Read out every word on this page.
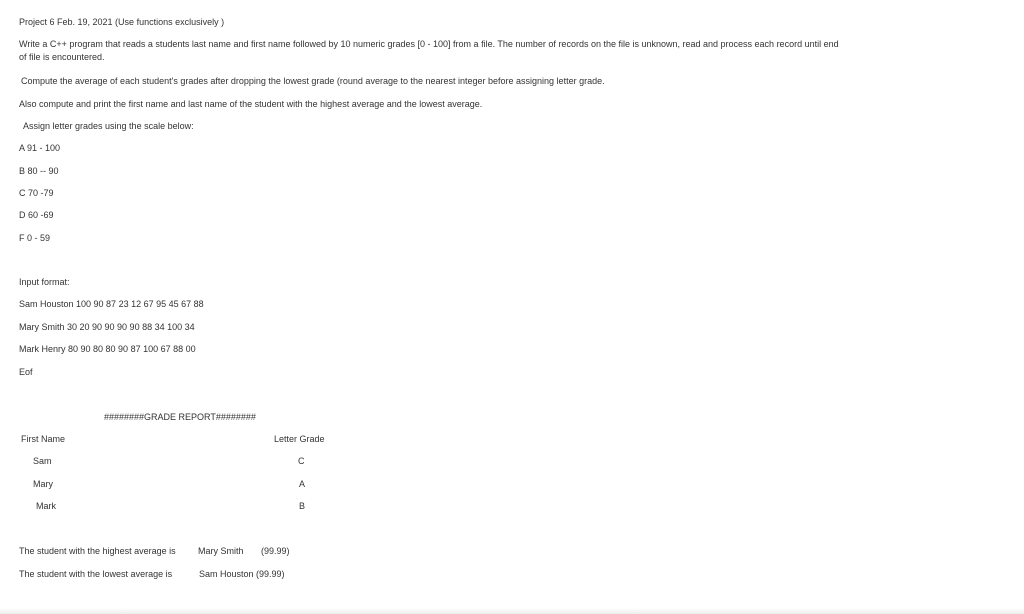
Project 6 Feb. 19, 2021 (Use functions exclusively )
Write a C++ program that reads a students last name and first name followed by 10 numeric grades [0 - 100] from a file. The number of records on the file is unknown, read and process each record until end of file is encountered.
Compute the average of each student's grades after dropping the lowest grade (round average to the nearest integer before assigning letter grade.
Also compute and print the first name and last name of the student with the highest average and the lowest average.
Assign letter grades using the scale below:
A 91 - 100
B 80 -- 90
C 70 -79
D 60 -69
F 0 - 59
Input format:
Sam Houston 100 90 87 23 12 67 95 45 67 88
Mary Smith 30 20 90 90 90 90 88 34 100 34
Mark Henry 80 90 80 80 90 87 100 67 88 00
Eof
########GRADE REPORT########
First Name	Letter Grade
Sam	C
Mary	A
Mark	B
The student with the highest average is Mary Smith (99.99)
The student with the lowest average is	Sam Houston (99.99)
